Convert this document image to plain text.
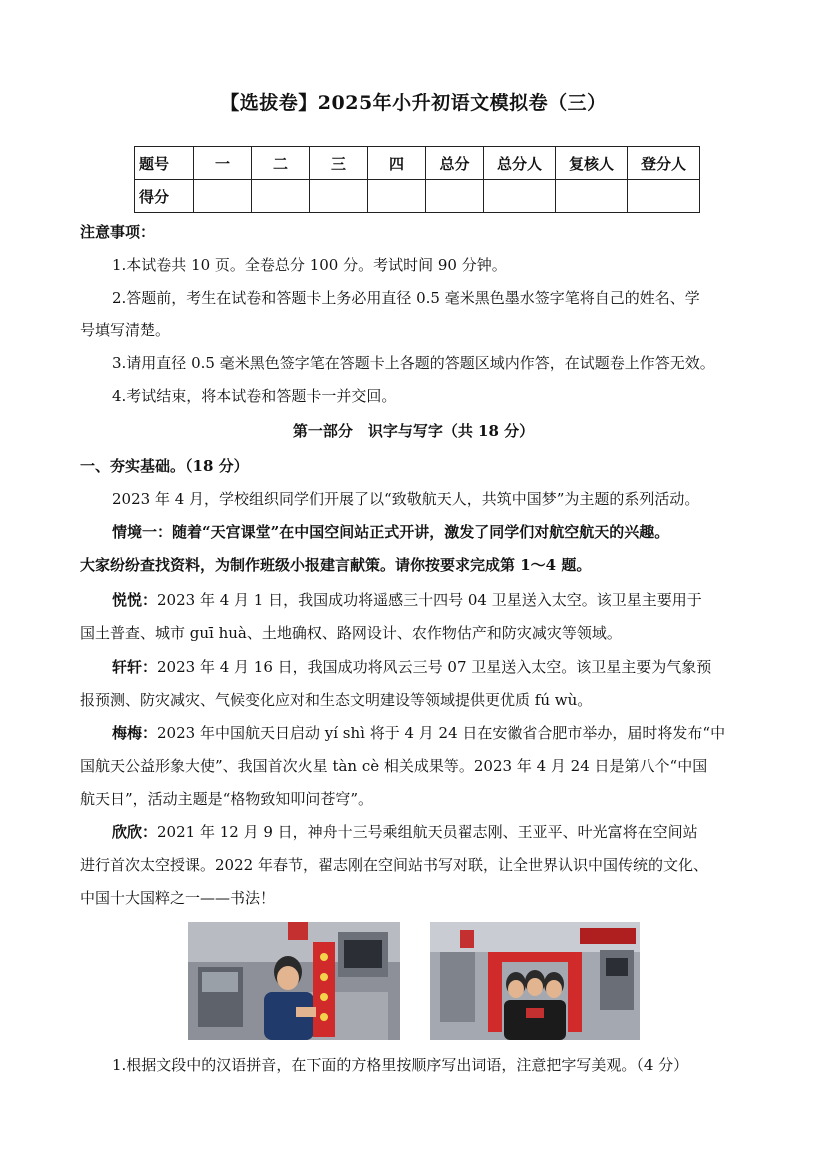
【选拔卷】2025年小升初语文模拟卷（三）
题号	一	二	三	四	总分	总分人	复核人	登分人
得分								
注意事项：
1.本试卷共 10 页。全卷总分 100 分。考试时间 90 分钟。
2.答题前，考生在试卷和答题卡上务必用直径 0.5 毫米黑色墨水签字笔将自己的姓名、学
号填写清楚。
3.请用直径 0.5 毫米黑色签字笔在答题卡上各题的答题区域内作答，在试题卷上作答无效。
4.考试结束，将本试卷和答题卡一并交回。
第一部分　识字与写字（共 18 分）
一、夯实基础。（18 分）
2023 年 4 月，学校组织同学们开展了以“致敬航天人，共筑中国梦”为主题的系列活动。
情境一：随着“天宫课堂”在中国空间站正式开讲，激发了同学们对航空航天的兴趣。
大家纷纷查找资料，为制作班级小报建言献策。请你按要求完成第 1～4 题。
悦悦：2023 年 4 月 1 日，我国成功将遥感三十四号 04 卫星送入太空。该卫星主要用于
国土普查、城市 guī huà、土地确权、路网设计、农作物估产和防灾减灾等领域。
轩轩：2023 年 4 月 16 日，我国成功将风云三号 07 卫星送入太空。该卫星主要为气象预
报预测、防灾减灾、气候变化应对和生态文明建设等领域提供更优质 fú wù。
梅梅：2023 年中国航天日启动 yí shì 将于 4 月 24 日在安徽省合肥市举办，届时将发布“中
国航天公益形象大使”、我国首次火星 tàn cè 相关成果等。2023 年 4 月 24 日是第八个“中国
航天日”，活动主题是“格物致知叩问苍穹”。
欣欣：2021 年 12 月 9 日，神舟十三号乘组航天员翟志刚、王亚平、叶光富将在空间站
进行首次太空授课。2022 年春节，翟志刚在空间站书写对联，让全世界认识中国传统的文化、
中国十大国粹之一——书法！
1.根据文段中的汉语拼音，在下面的方格里按顺序写出词语，注意把字写美观。（4 分）
